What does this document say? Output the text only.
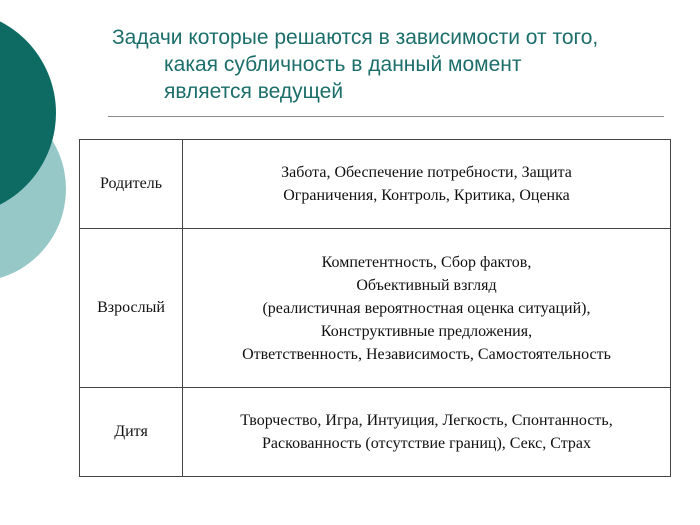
Задачи которые решаются в зависимости от того,
какая субличность в данный момент
является ведущей
Родитель	Забота, Обеспечение потребности, Защита
Ограничения, Контроль, Критика, Оценка

Взрослый	Компетентность, Сбор фактов,
Объективный взгляд
(реалистичная вероятностная оценка ситуаций),
Конструктивные предложения,
Ответственность, Независимость, Самостоятельность

Дитя	Творчество, Игра, Интуиция, Легкость, Спонтанность,
Раскованность (отсутствие границ), Секс, Страх
